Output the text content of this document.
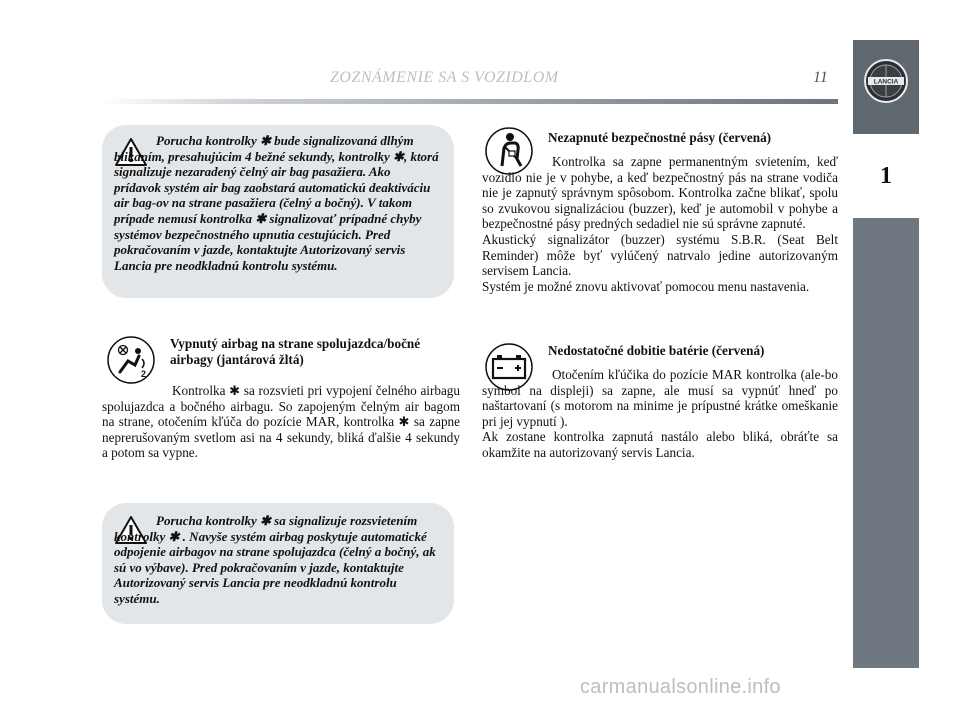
ZOZNÁMENIE SA S VOZIDLOM	11	LANCIA
1
Porucha kontrolky ✱ bude signalizovaná dlhým blikaním, presahujúcim 4 bežné sekundy, kontrolky ✱, ktorá signalizuje nezaradený čelný air bag pasažiera. Ako prídavok systém air bag zaobstará automatickú deaktiváciu air bag-ov na strane pasažiera (čelný a bočný). V takom prípade nemusí kontrolka ✱ signalizovať prípadné chyby systémov bezpečnostného upnutia cestujúcich. Pred pokračovaním v jazde, kontaktujte Autorizovaný servis Lancia pre neodkladnú kontrolu systému.
2
Vypnutý airbag na strane spolujazdca/bočné airbagy (jantárová žltá)

Kontrolka ✱ sa rozsvieti pri vypojení čelného airbagu spolujazdca a bočného airbagu. So zapojeným čelným air bagom na strane, otočením kľúča do pozície MAR, kontrolka ✱ sa zapne neprerušovaným svetlom asi na 4 sekundy, bliká ďalšie 4 sekundy a potom sa vypne.

Porucha kontrolky ✱ sa signalizuje rozsvietením kontrolky ✱ . Navyše systém airbag poskytuje automatické odpojenie airbagov na strane spolujazdca (čelný a bočný, ak sú vo výbave). Pred pokračovaním v jazde, kontaktujte Autorizovaný servis Lancia pre neodkladnú kontrolu systému.
Nezapnuté bezpečnostné pásy (červená)

Kontrolka sa zapne permanentným svietením, keď vozidlo nie je v pohybe, a keď bezpečnostný pás na strane vodiča nie je zapnutý správnym spôsobom. Kontrolka začne blikať, spolu so zvukovou signalizáciou (buzzer), keď je automobil v pohybe a bezpečnostné pásy predných sedadiel nie sú správne zapnuté.

Akustický signalizátor (buzzer) systému S.B.R. (Seat Belt Reminder) môže byť vylúčený natrvalo jedine autorizovaným servisem Lancia.

Systém je možné znovu aktivovať pomocou menu nastavenia.

Nedostatočné dobitie batérie (červená)

Otočením kľúčika do pozície MAR kontrolka (ale-bo symbol na displeji) sa zapne, ale musí sa vypnúť hneď po naštartovaní (s motorom na minime je prípustné krátke omeškanie pri jej vypnutí ).

Ak zostane kontrolka zapnutá nastálo alebo bliká, obráťte sa okamžite na autorizovaný servis Lancia.

carmanualsonline.info
